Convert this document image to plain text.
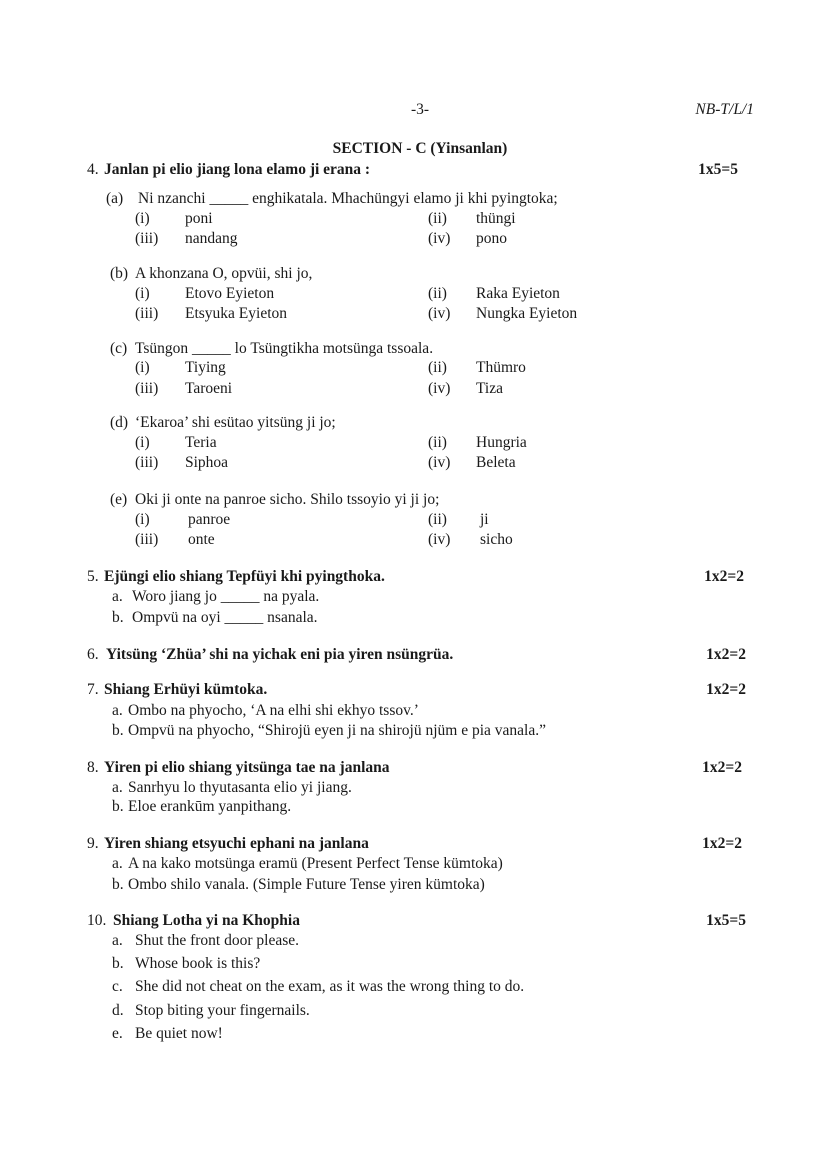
-3-	NB-T/L/1
SECTION - C (Yinsanlan)
4. Janlan pi elio jiang lona elamo ji erana :	1x5=5
(a) Ni nzanchi _____ enghikatala. Mhachüngyi elamo ji khi pyingtoka;
(i) poni	(ii) thüngi
(iii) nandang	(iv) pono
(b) A khonzana O, opvüi, shi jo,
(i) Etovo Eyieton	(ii) Raka Eyieton
(iii) Etsyuka Eyieton	(iv) Nungka Eyieton
(c) Tsüngon _____ lo Tsüngtikha motsünga tssoala.
(i) Tiying	(ii) Thümro
(iii) Taroeni	(iv) Tiza
(d) ‘Ekaroa’ shi esütao yitsüng ji jo;
(i) Teria	(ii) Hungria
(iii) Siphoa	(iv) Beleta
(e) Oki ji onte na panroe sicho. Shilo tssoyio yi ji jo;
(i) panroe	(ii) ji
(iii) onte	(iv) sicho
5. Ejüngi elio shiang Tepfüyi khi pyingthoka.	1x2=2
a. Woro jiang jo _____ na pyala.
b. Ompvü na oyi _____ nsanala.
6. Yitsüng ‘Zhüa’ shi na yichak eni pia yiren nsüngrüa.	1x2=2
7. Shiang Erhüyi kümtoka.	1x2=2
a. Ombo na phyocho, ‘A na elhi shi ekhyo tssov.’
b. Ompvü na phyocho, “Shirojü eyen ji na shirojü njüm e pia vanala.”
8. Yiren pi elio shiang yitsünga tae na janlana	1x2=2
a. Sanrhyu lo thyutasanta elio yi jiang.
b. Eloe erankūm yanpithang.
9. Yiren shiang etsyuchi ephani na janlana	1x2=2
a. A na kako motsünga eramü (Present Perfect Tense kümtoka)
b. Ombo shilo vanala. (Simple Future Tense yiren kümtoka)
10. Shiang Lotha yi na Khophia	1x5=5
a. Shut the front door please.
b. Whose book is this?
c. She did not cheat on the exam, as it was the wrong thing to do.
d. Stop biting your fingernails.
e. Be quiet now!
